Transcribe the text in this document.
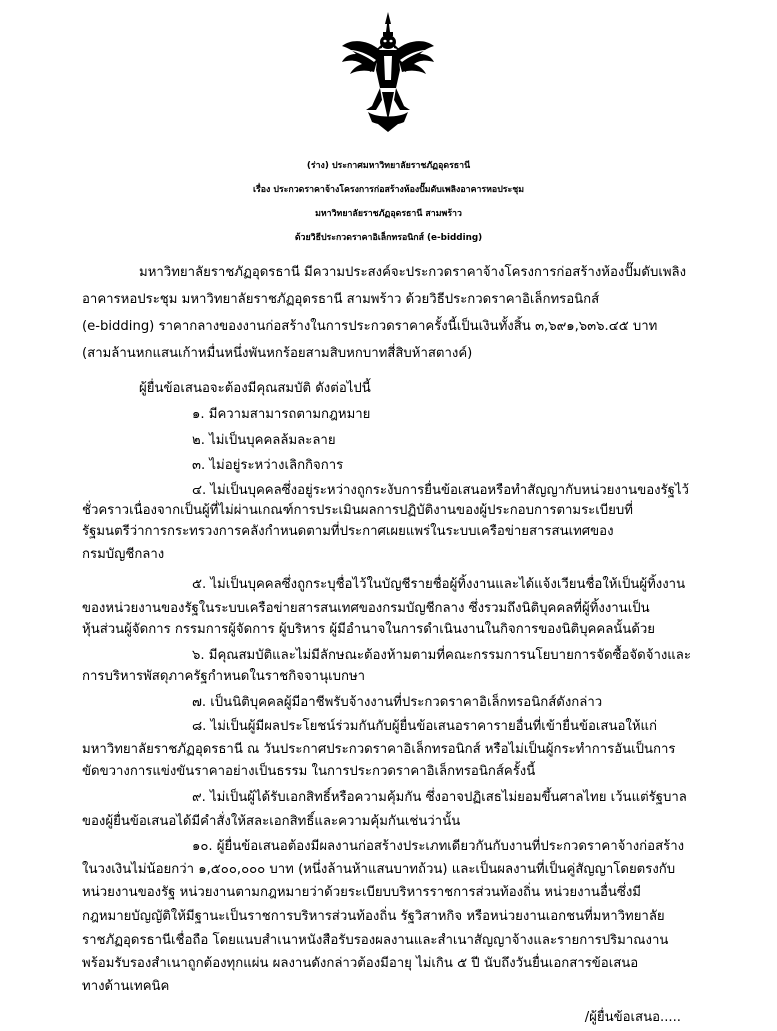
(ร่าง) ประกาศมหาวิทยาลัยราชภัฏอุดรธานี
เรื่อง ประกวดราคาจ้างโครงการก่อสร้างห้องปั๊มดับเพลิงอาคารหอประชุม
มหาวิทยาลัยราชภัฏอุดรธานี สามพร้าว
ด้วยวิธีประกวดราคาอิเล็กทรอนิกส์ (e-bidding)
มหาวิทยาลัยราชภัฏอุดรธานี มีความประสงค์จะประกวดราคาจ้างโครงการก่อสร้างห้องปั๊มดับเพลิง
อาคารหอประชุม มหาวิทยาลัยราชภัฏอุดรธานี สามพร้าว ด้วยวิธีประกวดราคาอิเล็กทรอนิกส์
(e-bidding) ราคากลางของงานก่อสร้างในการประกวดราคาครั้งนี้เป็นเงินทั้งสิ้น ๓,๖๙๑,๖๓๖.๔๕ บาท
(สามล้านหกแสนเก้าหมื่นหนึ่งพันหกร้อยสามสิบหกบาทสี่สิบห้าสตางค์)
ผู้ยื่นข้อเสนอจะต้องมีคุณสมบัติ ดังต่อไปนี้
๑. มีความสามารถตามกฎหมาย
๒. ไม่เป็นบุคคลล้มละลาย
๓. ไม่อยู่ระหว่างเลิกกิจการ
๔. ไม่เป็นบุคคลซึ่งอยู่ระหว่างถูกระงับการยื่นข้อเสนอหรือทำสัญญากับหน่วยงานของรัฐไว้
ชั่วคราวเนื่องจากเป็นผู้ที่ไม่ผ่านเกณฑ์การประเมินผลการปฏิบัติงานของผู้ประกอบการตามระเบียบที่
รัฐมนตรีว่าการกระทรวงการคลังกำหนดตามที่ประกาศเผยแพร่ในระบบเครือข่ายสารสนเทศของ
กรมบัญชีกลาง
๕. ไม่เป็นบุคคลซึ่งถูกระบุชื่อไว้ในบัญชีรายชื่อผู้ทิ้งงานและได้แจ้งเวียนชื่อให้เป็นผู้ทิ้งงาน
ของหน่วยงานของรัฐในระบบเครือข่ายสารสนเทศของกรมบัญชีกลาง ซึ่งรวมถึงนิติบุคคลที่ผู้ทิ้งงานเป็น
หุ้นส่วนผู้จัดการ กรรมการผู้จัดการ ผู้บริหาร ผู้มีอำนาจในการดำเนินงานในกิจการของนิติบุคคลนั้นด้วย
๖. มีคุณสมบัติและไม่มีลักษณะต้องห้ามตามที่คณะกรรมการนโยบายการจัดซื้อจัดจ้างและ
การบริหารพัสดุภาครัฐกำหนดในราชกิจจานุเบกษา
๗. เป็นนิติบุคคลผู้มีอาชีพรับจ้างงานที่ประกวดราคาอิเล็กทรอนิกส์ดังกล่าว
๘. ไม่เป็นผู้มีผลประโยชน์ร่วมกันกับผู้ยื่นข้อเสนอราคารายอื่นที่เข้ายื่นข้อเสนอให้แก่
มหาวิทยาลัยราชภัฏอุดรธานี ณ วันประกาศประกวดราคาอิเล็กทรอนิกส์ หรือไม่เป็นผู้กระทำการอันเป็นการ
ขัดขวางการแข่งขันราคาอย่างเป็นธรรม ในการประกวดราคาอิเล็กทรอนิกส์ครั้งนี้
๙. ไม่เป็นผู้ได้รับเอกสิทธิ์หรือความคุ้มกัน ซึ่งอาจปฏิเสธไม่ยอมขึ้นศาลไทย เว้นแต่รัฐบาล
ของผู้ยื่นข้อเสนอได้มีคำสั่งให้สละเอกสิทธิ์และความคุ้มกันเช่นว่านั้น
๑๐. ผู้ยื่นข้อเสนอต้องมีผลงานก่อสร้างประเภทเดียวกันกับงานที่ประกวดราคาจ้างก่อสร้าง
ในวงเงินไม่น้อยกว่า ๑,๕๐๐,๐๐๐ บาท (หนึ่งล้านห้าแสนบาทถ้วน) และเป็นผลงานที่เป็นคู่สัญญาโดยตรงกับ
หน่วยงานของรัฐ หน่วยงานตามกฎหมายว่าด้วยระเบียบบริหารราชการส่วนท้องถิ่น หน่วยงานอื่นซึ่งมี
กฎหมายบัญญัติให้มีฐานะเป็นราชการบริหารส่วนท้องถิ่น รัฐวิสาหกิจ หรือหน่วยงานเอกชนที่มหาวิทยาลัย
ราชภัฏอุดรธานีเชื่อถือ โดยแนบสำเนาหนังสือรับรองผลงานและสำเนาสัญญาจ้างและรายการปริมาณงาน
พร้อมรับรองสำเนาถูกต้องทุกแผ่น ผลงานดังกล่าวต้องมีอายุ ไม่เกิน ๕ ปี นับถึงวันยื่นเอกสารข้อเสนอ
ทางด้านเทคนิค
/ผู้ยื่นข้อเสนอ.....
